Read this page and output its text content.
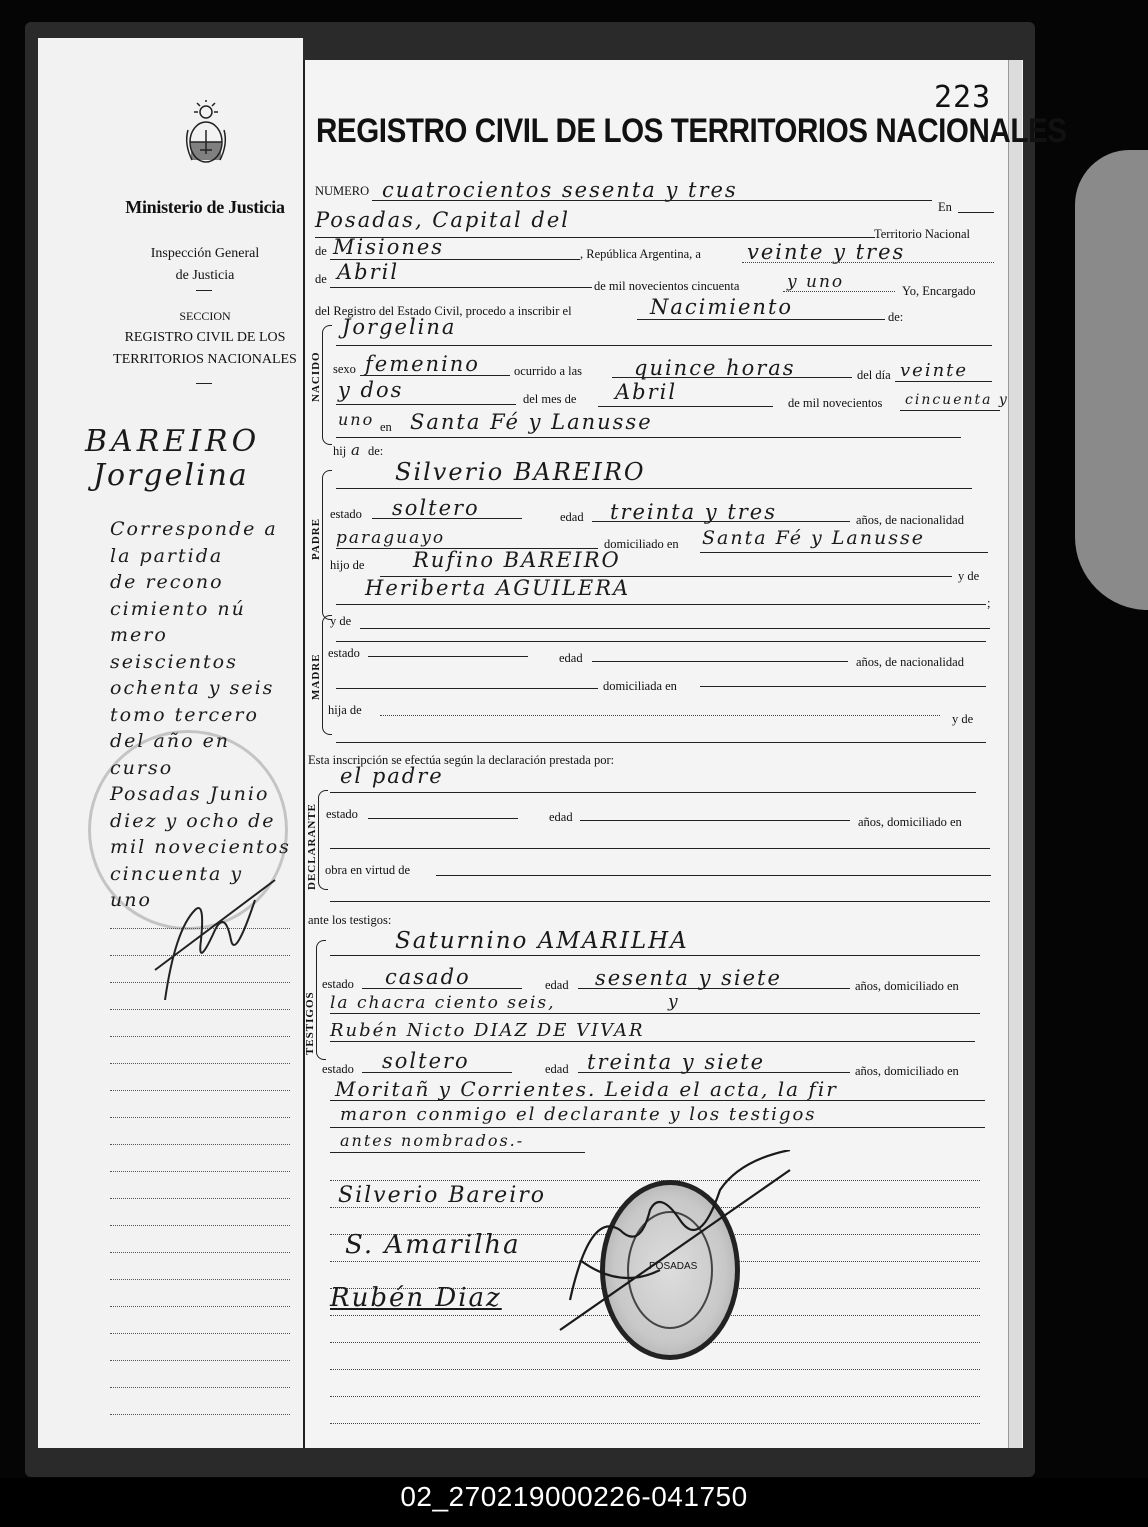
Ministerio de Justicia
Inspección General
de Justicia
SECCION
REGISTRO CIVIL DE LOS
TERRITORIOS NACIONALES
BAREIRO
Jorgelina
Corresponde a
la partida
de recono
cimiento nú
mero seiscientos
ochenta y seis
tomo tercero
del año en curso
Posadas Junio
diez y ocho de
mil novecientos
cincuenta y
uno
223
REGISTRO CIVIL DE LOS TERRITORIOS NACIONALES
NUMERO cuatrocientos sesenta y tres
En
Posadas, Capital del
Territorio Nacional
de Misiones	, República Argentina, a veinte y tres
de Abril
de mil novecientos cincuenta	y uno	Yo, Encargado
del Registro del Estado Civil, procedo a inscribir el	Nacimiento	de:
NACIDO
Jorgelina
sexo femenino	ocurrido a las quince horas	del día veinte
y dos	del mes de Abril	de mil novecientos cincuenta y
uno en Santa Fé y Lanusse
hij a de:
PADRE
Silverio BAREIRO
estado soltero	edad treinta y tres	años, de nacionalidad
paraguayo	domiciliado en Santa Fé y Lanusse
hijo de Rufino BAREIRO
y de
Heriberta AGUILERA
;
MADRE
y de
estado	edad	años, de nacionalidad
domiciliada en
hija de
y de
Esta inscripción se efectúa según la declaración prestada por:
el padre
DECLARANTE estado	edad	años, domiciliado en
obra en virtud de
ante los testigos:
TESTIGOS
Saturnino AMARILHA
estado casado	edad sesenta y siete	años, domiciliado en
la chacra ciento seis,	y
Rubén Nicto DIAZ DE VIVAR
estado soltero	edad treinta y siete	años, domiciliado en
Moritañ y Corrientes. Leida el acta, la fir
maron conmigo el declarante y los testigos
antes nombrados.-
Silverio Bareiro
S. Amarilha
Rubén Diaz
POSADAS
02_270219000226-041750
